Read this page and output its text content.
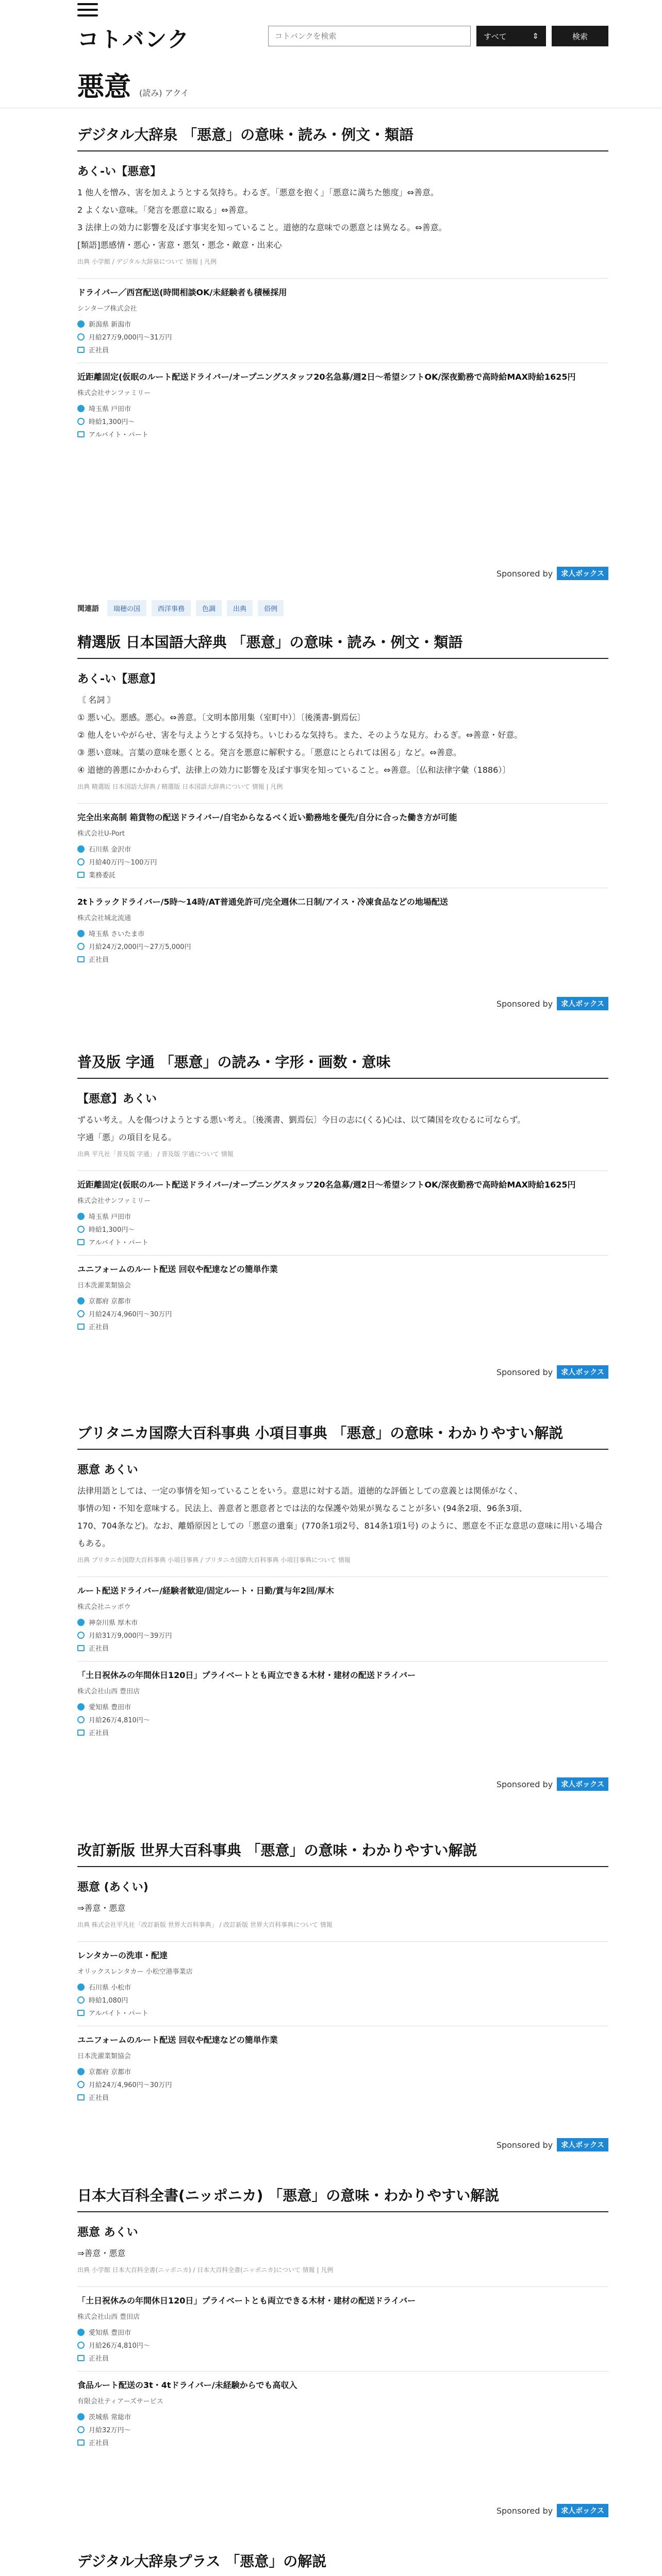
コトバンク
コトバンクを検索	すべて	⇕	検索
悪意 (読み) アクイ
デジタル大辞泉 「悪意」の意味・読み・例文・類語
あく‐い【悪意】

1 他人を憎み、害を加えようとする気持ち。わるぎ。「悪意を抱く」「悪意に満ちた態度」⇔善意。

2 よくない意味。「発言を悪意に取る」⇔善意。

3 法律上の効力に影響を及ぼす事実を知っていること。道徳的な意味での悪意とは異なる。⇔善意。

[類語]悪感情・悪心・害意・悪気・悪念・敵意・出来心

出典 小学館 / デジタル大辞泉について 情報 | 凡例
ドライバー／西宮配送(時間相談OK/未経験者も積極採用
シンターブ株式会社
新潟県 新潟市
月給27万9,000円〜31万円
正社員
近距離固定(仮眠のルート配送ドライバー/オープニングスタッフ20名急募/週2日〜希望シフトOK/深夜勤務で高時給MAX時給1625円
株式会社サンファミリー
埼玉県 戸田市
時給1,300円〜
アルバイト・パート
Sponsored by	求人ボックス
精選版 日本国語大辞典 「悪意」の意味・読み・例文・類語
あく‐い【悪意】

〘 名詞 〙

① 悪い心。悪感。悪心。⇔善意。〔文明本節用集（室町中）〕〔後漢書‑劉焉伝〕

② 他人をいやがらせ、害を与えようとする気持ち。いじわるな気持ち。また、そのような見方。わるぎ。⇔善意・好意。

③ 悪い意味。言葉の意味を悪くとる。発言を悪意に解釈する。「悪意にとられては困る」など。⇔善意。

④ 道徳的善悪にかかわらず、法律上の効力に影響を及ぼす事実を知っていること。⇔善意。〔仏和法律字彙（1886）〕

出典 精選版 日本国語大辞典 / 精選版 日本国語大辞典について 情報 | 凡例
完全出来高制 箱貨物の配送ドライバー/自宅からなるべく近い勤務地を優先/自分に合った働き方が可能
株式会社U-Port
石川県 金沢市
月給40万円〜100万円
業務委託
2tトラックドライバー/5時〜14時/AT普通免許可/完全週休二日制/アイス・冷凍食品などの地場配送
株式会社城北流通
埼玉県 さいたま市
月給24万2,000円〜27万5,000円
正社員
Sponsored by	求人ボックス
普及版 字通 「悪意」の読み・字形・画数・意味
【悪意】あくい

ずるい考え。人を傷つけようとする悪い考え。〔後漢書、劉焉伝〕今日の志に(くる)心は、以て隣国を攻むるに可ならず。

字通「悪」の項目を見る。

出典 平凡社「普及版 字通」 / 普及版 字通について 情報
近距離固定(仮眠のルート配送ドライバー/オープニングスタッフ20名急募/週2日〜希望シフトOK/深夜勤務で高時給MAX時給1625円
株式会社サンファミリー
埼玉県 戸田市
時給1,300円〜
アルバイト・パート
ユニフォームのルート配送 回収や配達などの簡単作業
日本洗濯業類協会
京都府 京都市
月給24万4,960円〜30万円
正社員
Sponsored by	求人ボックス
ブリタニカ国際大百科事典 小項目事典 「悪意」の意味・わかりやすい解説
悪意 あくい

法律用語としては、一定の事情を知っていることをいう。意思に対する語。道徳的な評価としての意義とは関係がなく、

事情の知・不知を意味する。民法上、善意者と悪意者とでは法的な保護や効果が異なることが多い (94条2項、96条3項、

170、704条など)。なお、離婚原因としての「悪意の遺棄」(770条1項2号、814条1項1号) のように、悪意を不正な意思の意味に用いる場合もある。

出典 ブリタニカ国際大百科事典 小項目事典 / ブリタニカ国際大百科事典 小項目事典について 情報
ルート配送ドライバー/経験者歓迎/固定ルート・日勤/賞与年2回/厚木
株式会社ニッポウ
神奈川県 厚木市
月給31万9,000円〜39万円
正社員
「土日祝休みの年間休日120日」プライベートとも両立できる木材・建材の配送ドライバー
株式会社山西 豊田店
愛知県 豊田市
月給26万4,810円〜
正社員
Sponsored by	求人ボックス
改訂新版 世界大百科事典 「悪意」の意味・わかりやすい解説
悪意 (あくい)

⇒善意・悪意

出典 株式会社平凡社「改訂新版 世界大百科事典」 / 改訂新版 世界大百科事典について 情報
レンタカーの洗車・配達
オリックスレンタカー 小松空港事業店
石川県 小松市
時給1,080円
アルバイト・パート
ユニフォームのルート配送 回収や配達などの簡単作業
日本洗濯業類協会
京都府 京都市
月給24万4,960円〜30万円
正社員
Sponsored by	求人ボックス
日本大百科全書(ニッポニカ) 「悪意」の意味・わかりやすい解説
悪意 あくい

⇒善意・悪意

出典 小学館 日本大百科全書(ニッポニカ) / 日本大百科全書(ニッポニカ)について 情報 | 凡例
「土日祝休みの年間休日120日」プライベートとも両立できる木材・建材の配送ドライバー
株式会社山西 豊田店
愛知県 豊田市
月給26万4,810円〜
正社員
食品ルート配送の3t・4tドライバー/未経験からでも高収入
有限会社ティアーズサービス
茨城県 常総市
月給32万円〜
正社員
Sponsored by	求人ボックス
デジタル大辞泉プラス 「悪意」の解説

関連語	瑞穂の国	西洋事務	色調	出典	俗例
